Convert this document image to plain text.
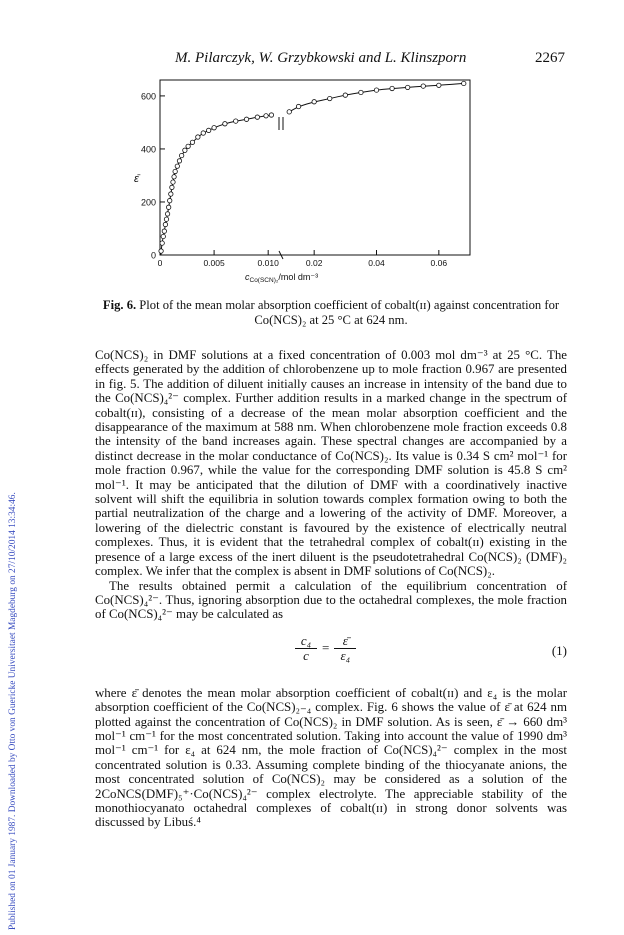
Published on 01 January 1987. Downloaded by Otto von Guericke Universitaet Magdeburg on 27/10/2014 13:34:46.
M. Pilarczyk, W. Grzybkowski and L. Klinszporn	2267
0
200
400
600
0	0.005	0.010	0.02	0.04	0.06
ε̄
$c_{Co(SCN)_2}$/mol dm⁻³
Fig. 6. Plot of the mean molar absorption coefficient of cobalt(ɪɪ) against concentration for Co(NCS)₂ at 25 °C at 624 nm.

Co(NCS)₂ in DMF solutions at a fixed concentration of 0.003 mol dm⁻³ at 25 °C. The effects generated by the addition of chlorobenzene up to mole fraction 0.967 are presented in fig. 5. The addition of diluent initially causes an increase in intensity of the band due to the Co(NCS)₄²⁻ complex. Further addition results in a marked change in the spectrum of cobalt(ɪɪ), consisting of a decrease of the mean molar absorption coefficient and the disappearance of the maximum at 588 nm. When chlorobenzene mole fraction exceeds 0.8 the intensity of the band increases again. These spectral changes are accompanied by a distinct decrease in the molar conductance of Co(NCS)₂. Its value is 0.34 S cm² mol⁻¹ for mole fraction 0.967, while the value for the corresponding DMF solution is 45.8 S cm² mol⁻¹. It may be anticipated that the dilution of DMF with a coordinatively inactive solvent will shift the equilibria in solution towards complex formation owing to both the partial neutralization of the charge and a lowering of the activity of DMF. Moreover, a lowering of the dielectric constant is favoured by the existence of electrically neutral complexes. Thus, it is evident that the tetrahedral complex of cobalt(ɪɪ) existing in the presence of a large excess of the inert diluent is the pseudotetrahedral Co(NCS)₂ (DMF)₂ complex. We infer that the complex is absent in DMF solutions of Co(NCS)₂.

The results obtained permit a calculation of the equilibrium concentration of Co(NCS)₄²⁻. Thus, ignoring absorption due to the octahedral complexes, the mole fraction of Co(NCS)₄²⁻ may be calculated as

$\frac{\text{c₄}}{c} = \frac{\varepsilon̄}{\text{ε₄}}$	(1)

where ε̄ denotes the mean molar absorption coefficient of cobalt(ɪɪ) and ε₄ is the molar absorption coefficient of the Co(NCS)₂₋₄ complex. Fig. 6 shows the value of ε̄ at 624 nm plotted against the concentration of Co(NCS)₂ in DMF solution. As is seen, ε̄ → 660 dm³ mol⁻¹ cm⁻¹ for the most concentrated solution. Taking into account the value of 1990 dm³ mol⁻¹ cm⁻¹ for ε₄ at 624 nm, the mole fraction of Co(NCS)₄²⁻ complex in the most concentrated solution is 0.33. Assuming complete binding of the thiocyanate anions, the most concentrated solution of Co(NCS)₂ may be considered as a solution of the 2CoNCS(DMF)₅⁺·Co(NCS)₄²⁻ complex electrolyte. The appreciable stability of the monothiocyanato octahedral complexes of cobalt(ɪɪ) in strong donor solvents was discussed by Libuś.⁴
